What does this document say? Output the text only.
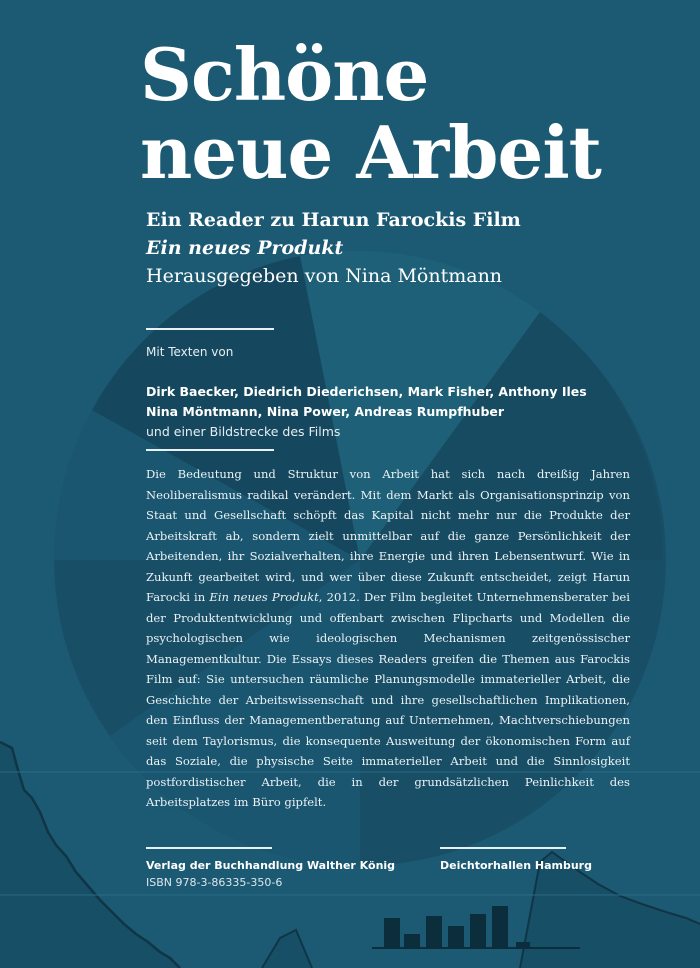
Schöne
neue Arbeit
Ein Reader zu Harun Farockis Film
Ein neues Produkt
Herausgegeben von Nina Möntmann
Mit Texten von
Dirk Baecker, Diedrich Diederichsen, Mark Fisher, Anthony Iles
Nina Möntmann, Nina Power, Andreas Rumpfhuber
und einer Bildstrecke des Films
Die Bedeutung und Struktur von Arbeit hat sich nach dreißig Jahren Neoliberalismus radikal verändert. Mit dem Markt als Organisationsprinzip von Staat und Gesellschaft schöpft das Kapital nicht mehr nur die Produkte der Arbeitskraft ab, sondern zielt unmittelbar auf die ganze Persönlichkeit der Arbeitenden, ihr Sozialverhalten, ihre Energie und ihren Lebensentwurf. Wie in Zukunft gearbeitet wird, und wer über diese Zukunft entscheidet, zeigt Harun Farocki in Ein neues Produkt, 2012. Der Film begleitet Unternehmensberater bei der Produktentwicklung und offenbart zwischen Flipcharts und Modellen die psychologischen wie ideologischen Mechanismen zeitgenössischer Managementkultur. Die Essays dieses Readers greifen die Themen aus Farockis Film auf: Sie untersuchen räumliche Planungsmodelle immaterieller Arbeit, die Geschichte der Arbeitswissenschaft und ihre gesellschaftlichen Implikationen, den Einfluss der Managementberatung auf Unternehmen, Machtverschiebungen seit dem Taylorismus, die konsequente Ausweitung der ökonomischen Form auf das Soziale, die physische Seite immaterieller Arbeit und die Sinnlosigkeit postfordistischer Arbeit, die in der grundsätzlichen Peinlichkeit des Arbeitsplatzes im Büro gipfelt.
Verlag der Buchhandlung Walther König
ISBN 978-3-86335-350-6
Deichtorhallen Hamburg
